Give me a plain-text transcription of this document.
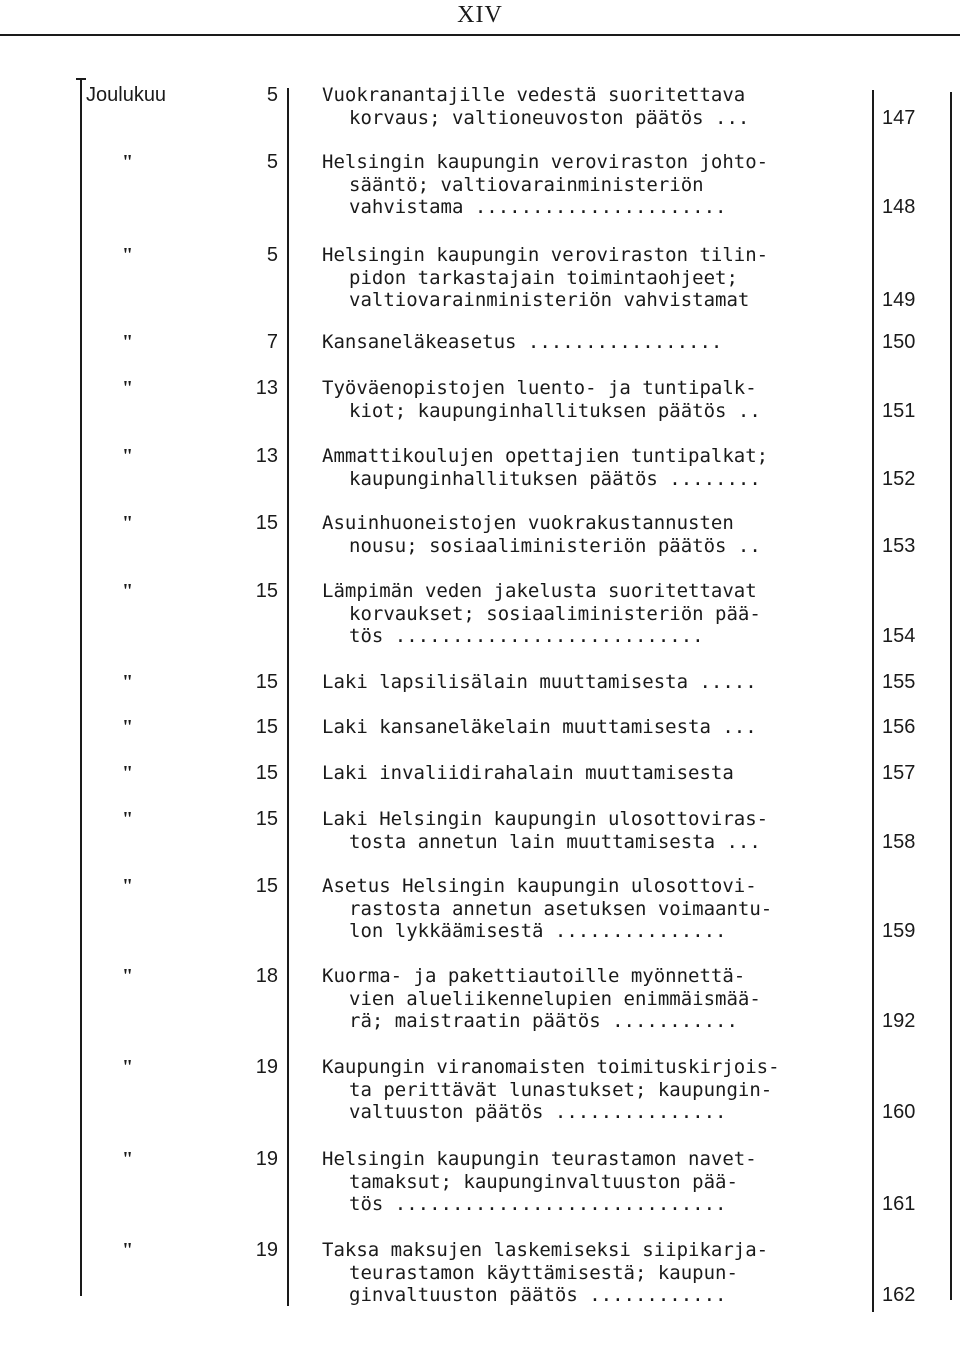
XIV
Joulukuu	5 Vuokranantajille vedestä suoritettava
korvaus; valtioneuvoston päätös ...	147
"	5 Helsingin kaupungin veroviraston johto-
sääntö; valtiovarainministeriön
vahvistama ......................	148
"	5 Helsingin kaupungin veroviraston tilin-
pidon tarkastajain toimintaohjeet;
valtiovarainministeriön vahvistamat	149
"	7 Kansaneläkeasetus .................	150
"	13 Työväenopistojen luento- ja tuntipalk-
kiot; kaupunginhallituksen päätös ..	151
"	13 Ammattikoulujen opettajien tuntipalkat;
kaupunginhallituksen päätös ........	152
"	15 Asuinhuoneistojen vuokrakustannusten
nousu; sosiaaliministeriön päätös ..	153
"	15 Lämpimän veden jakelusta suoritettavat
korvaukset; sosiaaliministeriön pää-
tös ...........................	154
"	15 Laki lapsilisälain muuttamisesta .....	155
"	15 Laki kansaneläkelain muuttamisesta ...	156
"	15 Laki invaliidirahalain muuttamisesta	157
"	15 Laki Helsingin kaupungin ulosottoviras-
tosta annetun lain muuttamisesta ...	158
"	15 Asetus Helsingin kaupungin ulosottovi-
rastosta annetun asetuksen voimaantu-
lon lykkäämisestä ...............	159
"	18 Kuorma- ja pakettiautoille myönnettä-
vien alueliikennelupien enimmäismää-
rä; maistraatin päätös ...........	192
"	19 Kaupungin viranomaisten toimituskirjois-
ta perittävät lunastukset; kaupungin-
valtuuston päätös ...............	160
"	19 Helsingin kaupungin teurastamon navet-
tamaksut; kaupunginvaltuuston pää-
tös .............................	161
"	19 Taksa maksujen laskemiseksi siipikarja-
teurastamon käyttämisestä; kaupun-
ginvaltuuston päätös ............	162
